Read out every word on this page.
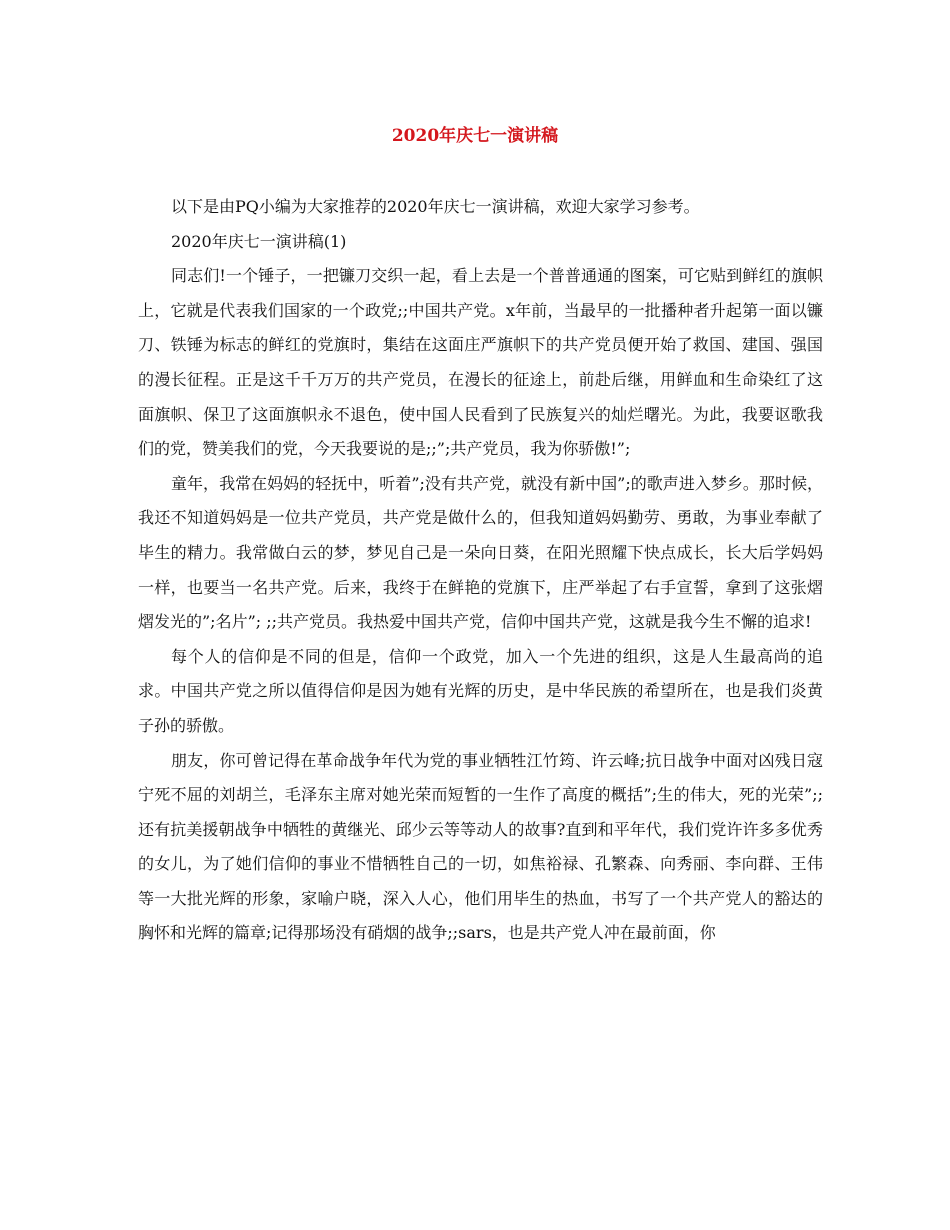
2020年庆七一演讲稿

以下是由PQ小编为大家推荐的2020年庆七一演讲稿，欢迎大家学习参考。

2020年庆七一演讲稿(1)

同志们!一个锤子，一把镰刀交织一起，看上去是一个普普通通的图案，可它贴到鲜红的旗帜上，它就是代表我们国家的一个政党;;中国共产党。x年前，当最早的一批播种者升起第一面以镰刀、铁锤为标志的鲜红的党旗时，集结在这面庄严旗帜下的共产党员便开始了救国、建国、强国的漫长征程。正是这千千万万的共产党员，在漫长的征途上，前赴后继，用鲜血和生命染红了这面旗帜、保卫了这面旗帜永不退色，使中国人民看到了民族复兴的灿烂曙光。为此，我要讴歌我们的党，赞美我们的党，今天我要说的是;;”;共产党员，我为你骄傲!”;

童年，我常在妈妈的轻抚中，听着”;没有共产党，就没有新中国”;的歌声进入梦乡。那时候，我还不知道妈妈是一位共产党员，共产党是做什么的，但我知道妈妈勤劳、勇敢，为事业奉献了毕生的精力。我常做白云的梦，梦见自己是一朵向日葵，在阳光照耀下快点成长，长大后学妈妈一样，也要当一名共产党。后来，我终于在鲜艳的党旗下，庄严举起了右手宣誓，拿到了这张熠熠发光的”;名片”; ;;共产党员。我热爱中国共产党，信仰中国共产党，这就是我今生不懈的追求!

每个人的信仰是不同的但是，信仰一个政党，加入一个先进的组织，这是人生最高尚的追求。中国共产党之所以值得信仰是因为她有光辉的历史，是中华民族的希望所在，也是我们炎黄子孙的骄傲。

朋友，你可曾记得在革命战争年代为党的事业牺牲江竹筠、许云峰;抗日战争中面对凶残日寇宁死不屈的刘胡兰，毛泽东主席对她光荣而短暂的一生作了高度的概括”;生的伟大，死的光荣”;;还有抗美援朝战争中牺牲的黄继光、邱少云等等动人的故事?直到和平年代，我们党许许多多优秀的女儿，为了她们信仰的事业不惜牺牲自己的一切，如焦裕禄、孔繁森、向秀丽、李向群、王伟等一大批光辉的形象，家喻户晓，深入人心，他们用毕生的热血，书写了一个共产党人的豁达的胸怀和光辉的篇章;记得那场没有硝烟的战争;;sars，也是共产党人冲在最前面，你
